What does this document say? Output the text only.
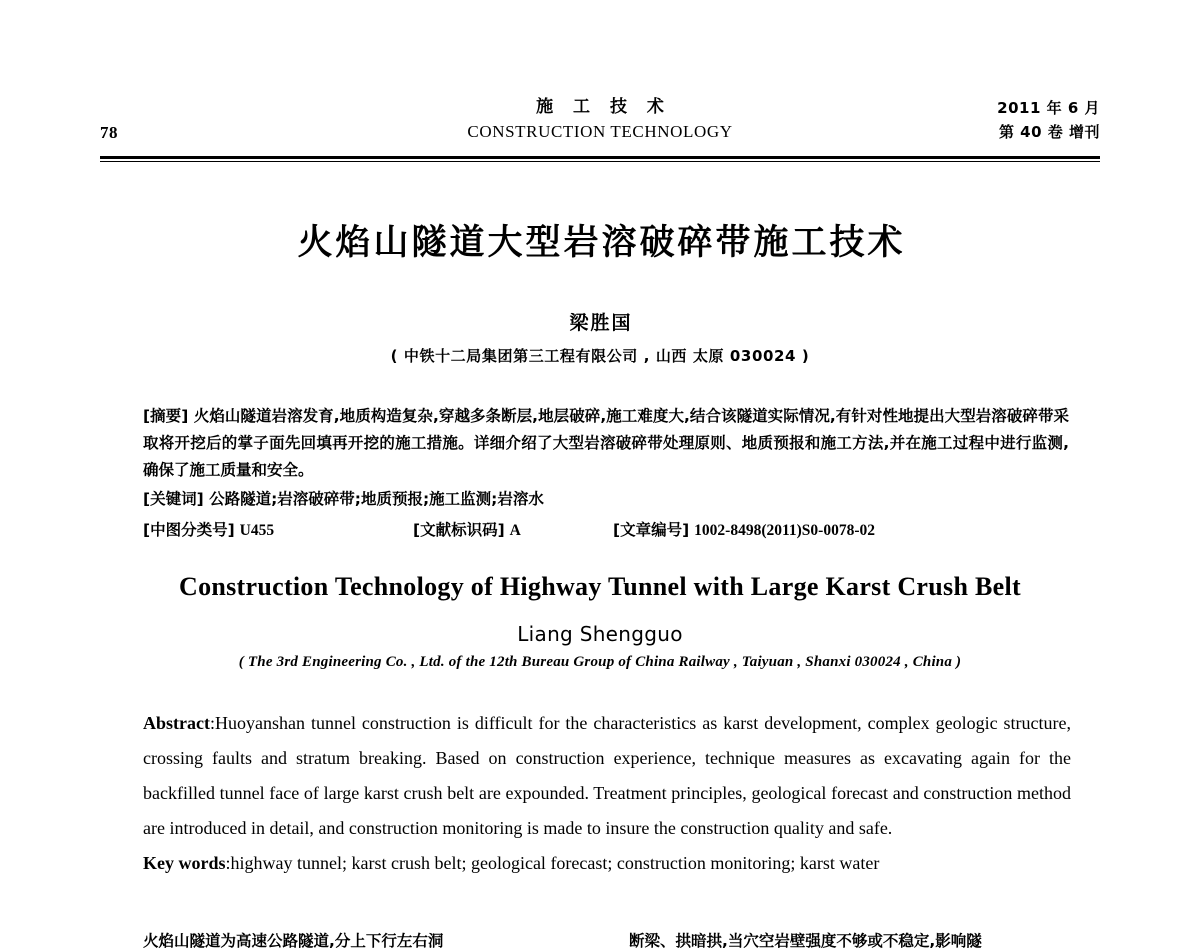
78
施 工 技 术
CONSTRUCTION TECHNOLOGY
2011 年 6 月
第 40 卷 增刊
火焰山隧道大型岩溶破碎带施工技术
梁胜国
( 中铁十二局集团第三工程有限公司 , 山西 太原 030024 )
[摘要] 火焰山隧道岩溶发育,地质构造复杂,穿越多条断层,地层破碎,施工难度大,结合该隧道实际情况,有针对性地提出大型岩溶破碎带采取将开挖后的掌子面先回填再开挖的施工措施。详细介绍了大型岩溶破碎带处理原则、地质预报和施工方法,并在施工过程中进行监测,确保了施工质量和安全。
[关键词] 公路隧道;岩溶破碎带;地质预报;施工监测;岩溶水
[中图分类号] U455	[文献标识码] A	[文章编号] 1002-8498(2011)S0-0078-02
Construction Technology of Highway Tunnel with Large Karst Crush Belt
Liang Shengguo
( The 3rd Engineering Co. , Ltd. of the 12th Bureau Group of China Railway , Taiyuan , Shanxi 030024 , China )
Abstract:Huoyanshan tunnel construction is difficult for the characteristics as karst development, complex geologic structure, crossing faults and stratum breaking. Based on construction experience, technique measures as excavating again for the backfilled tunnel face of large karst crush belt are expounded. Treatment principles, geological forecast and construction method are introduced in detail, and construction monitoring is made to insure the construction quality and safe.
Key words:highway tunnel; karst crush belt; geological forecast; construction monitoring; karst water
火焰山隧道为高速公路隧道,分上下行左右洞	断梁、拱暗拱,当穴空岩壁强度不够或不稳定,影响隧
